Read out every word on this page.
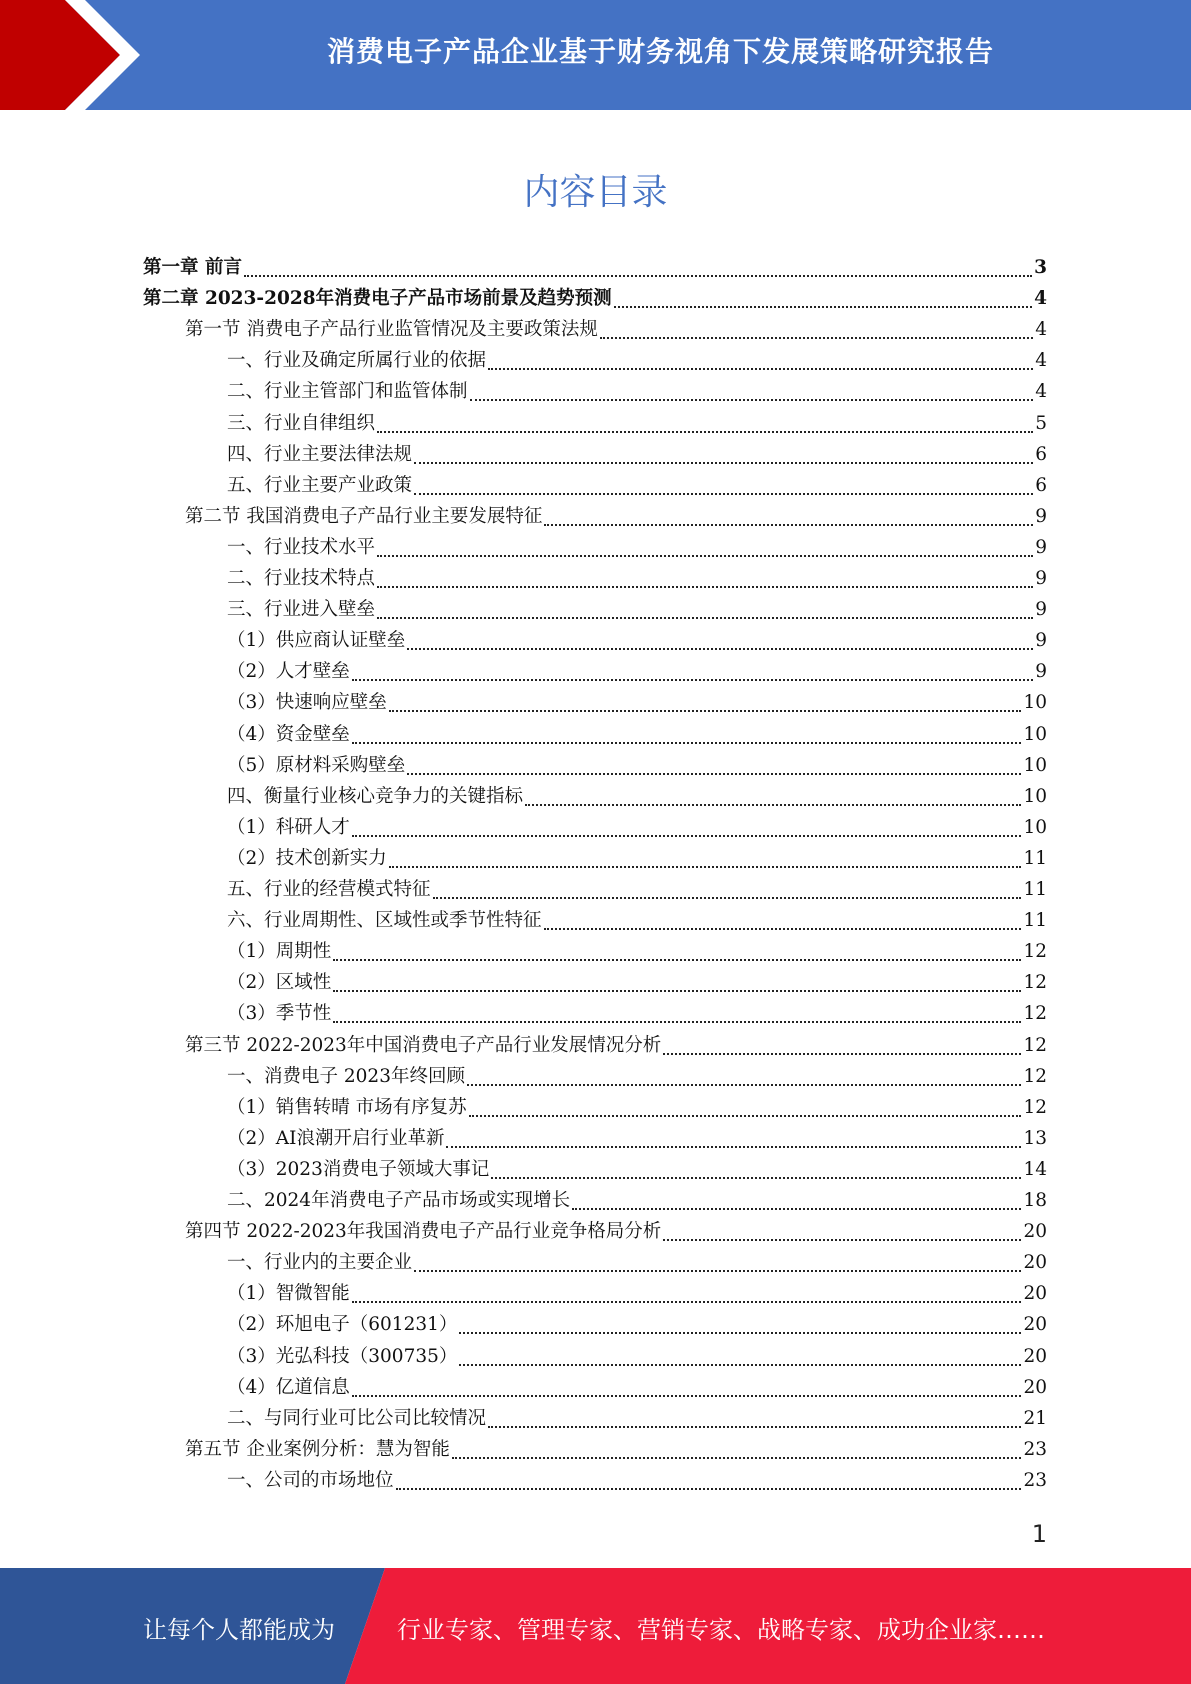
消费电子产品企业基于财务视角下发展策略研究报告
内容目录
第一章 前言	3
第二章 2023-2028年消费电子产品市场前景及趋势预测	4
第一节 消费电子产品行业监管情况及主要政策法规	4
一、行业及确定所属行业的依据	4
二、行业主管部门和监管体制	4
三、行业自律组织	5
四、行业主要法律法规	6
五、行业主要产业政策	6
第二节 我国消费电子产品行业主要发展特征	9
一、行业技术水平	9
二、行业技术特点	9
三、行业进入壁垒	9
（1）供应商认证壁垒	9
（2）人才壁垒	9
（3）快速响应壁垒	10
（4）资金壁垒	10
（5）原材料采购壁垒	10
四、衡量行业核心竞争力的关键指标	10
（1）科研人才	10
（2）技术创新实力	11
五、行业的经营模式特征	11
六、行业周期性、区域性或季节性特征	11
（1）周期性	12
（2）区域性	12
（3）季节性	12
第三节 2022-2023年中国消费电子产品行业发展情况分析	12
一、消费电子 2023年终回顾	12
（1）销售转晴 市场有序复苏	12
（2）AI浪潮开启行业革新	13
（3）2023消费电子领域大事记	14
二、2024年消费电子产品市场或实现增长	18
第四节 2022-2023年我国消费电子产品行业竞争格局分析	20
一、行业内的主要企业	20
（1）智微智能	20
（2）环旭电子（601231）	20
（3）光弘科技（300735）	20
（4）亿道信息	20
二、与同行业可比公司比较情况	21
第五节 企业案例分析：慧为智能	23
一、公司的市场地位	23
1
让每个人都能成为	行业专家、管理专家、营销专家、战略专家、成功企业家……
